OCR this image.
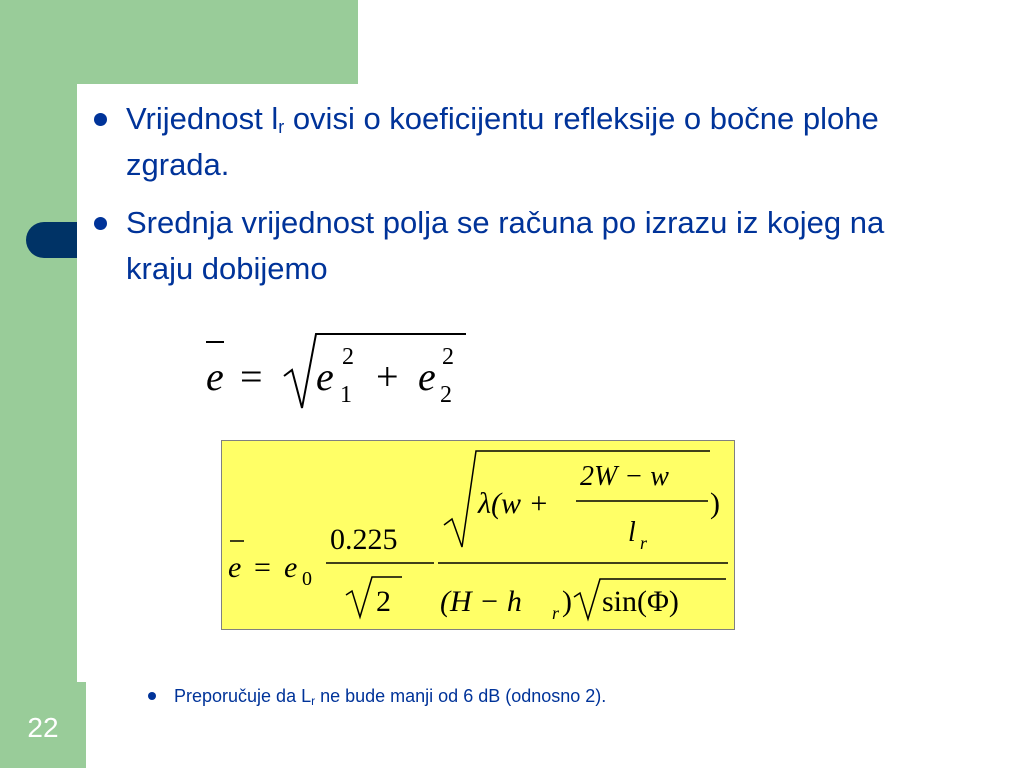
22
Vrijednost $l_r$ ovisi o koeficijentu refleksije o bočne plohe zgrada.
Srednja vrijednost polja se računa po izrazu iz kojeg na kraju dobijemo
e = e 2
1 + e 2
2
e = e 0
0.225
2
λ(w +
2W − w
l r
)
(H − h r ) sin(Φ)
Preporučuje da $L_r$ ne bude manji od 6 dB (odnosno 2).
